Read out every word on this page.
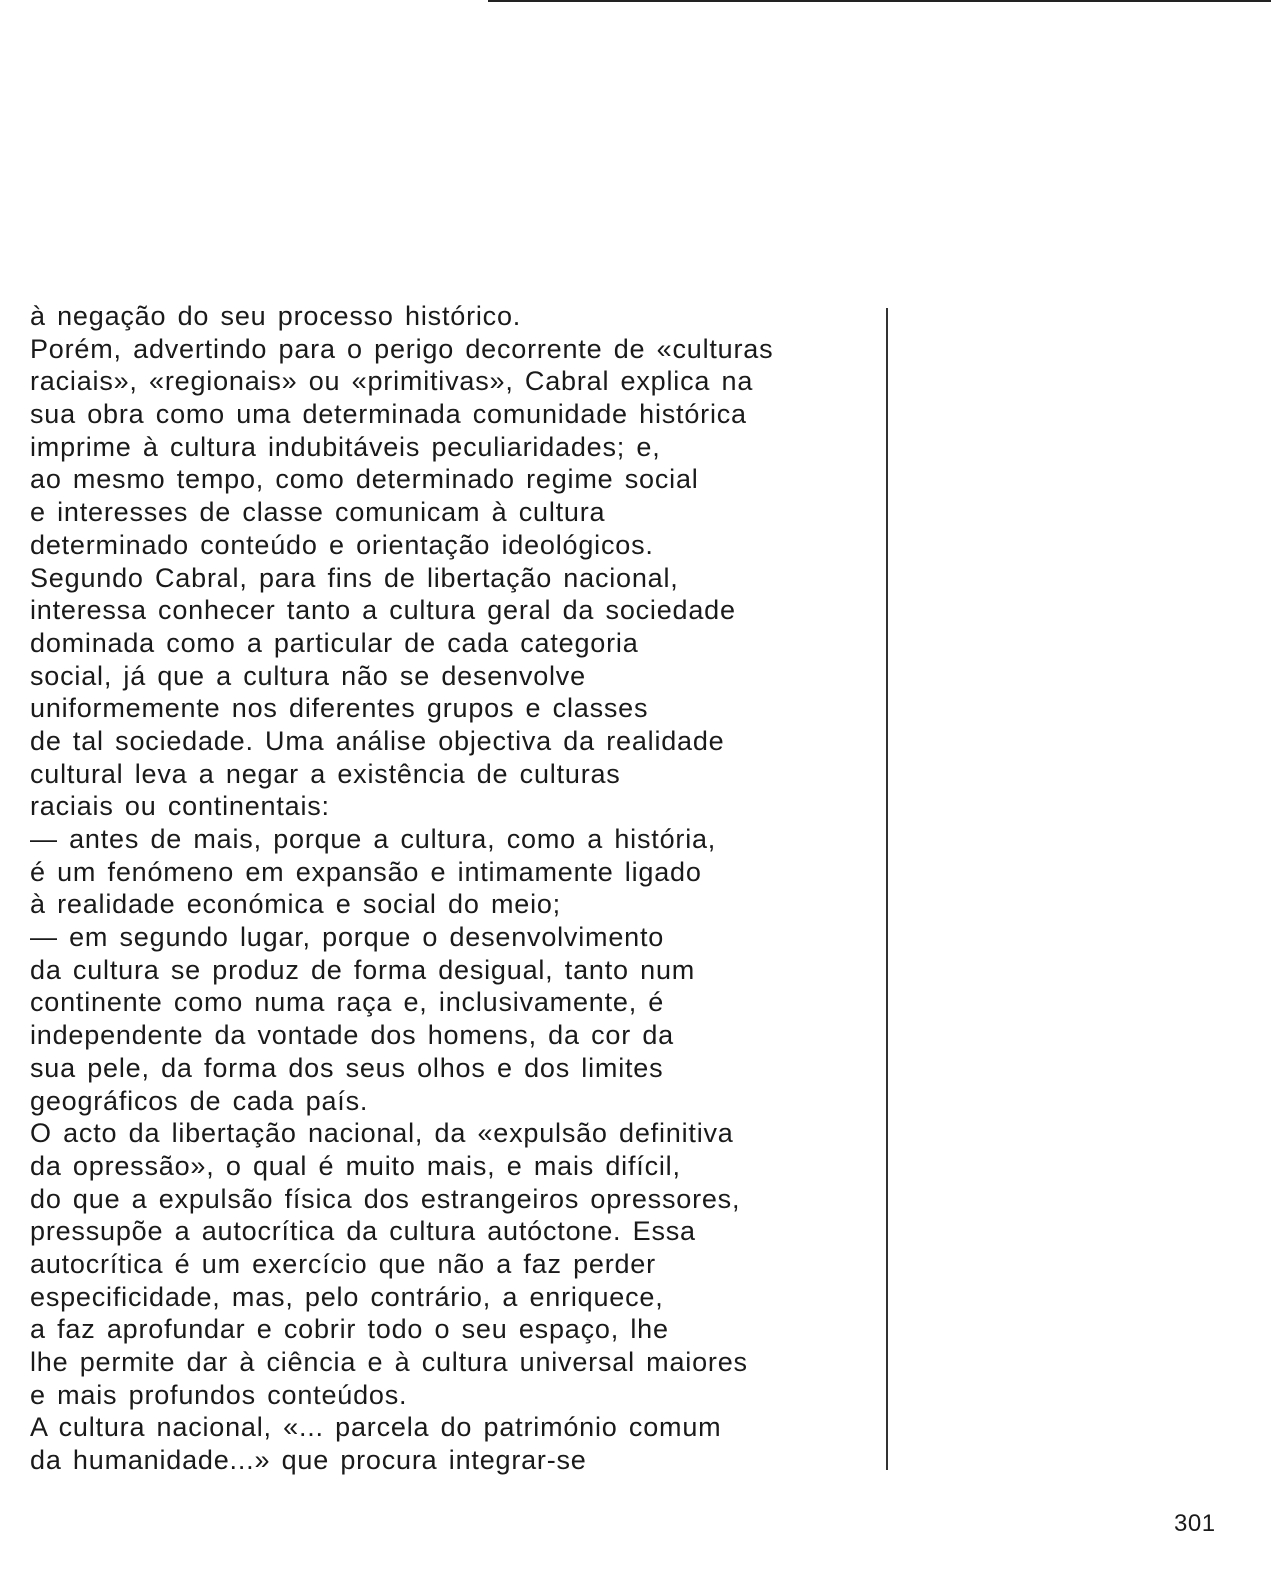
à negação do seu processo histórico.
Porém, advertindo para o perigo decorrente de «culturas
raciais», «regionais» ou «primitivas», Cabral explica na
sua obra como uma determinada comunidade histórica
imprime à cultura indubitáveis peculiaridades; e,
ao mesmo tempo, como determinado regime social
e interesses de classe comunicam à cultura
determinado conteúdo e orientação ideológicos.
Segundo Cabral, para fins de libertação nacional,
interessa conhecer tanto a cultura geral da sociedade
dominada como a particular de cada categoria
social, já que a cultura não se desenvolve
uniformemente nos diferentes grupos e classes
de tal sociedade. Uma análise objectiva da realidade
cultural leva a negar a existência de culturas
raciais ou continentais:
— antes de mais, porque a cultura, como a história,
é um fenómeno em expansão e intimamente ligado
à realidade económica e social do meio;
— em segundo lugar, porque o desenvolvimento
da cultura se produz de forma desigual, tanto num
continente como numa raça e, inclusivamente, é
independente da vontade dos homens, da cor da
sua pele, da forma dos seus olhos e dos limites
geográficos de cada país.
O acto da libertação nacional, da «expulsão definitiva
da opressão», o qual é muito mais, e mais difícil,
do que a expulsão física dos estrangeiros opressores,
pressupõe a autocrítica da cultura autóctone. Essa
autocrítica é um exercício que não a faz perder
especificidade, mas, pelo contrário, a enriquece,
a faz aprofundar e cobrir todo o seu espaço, lhe
lhe permite dar à ciência e à cultura universal maiores
e mais profundos conteúdos.
A cultura nacional, «... parcela do património comum
da humanidade...» que procura integrar-se
301
